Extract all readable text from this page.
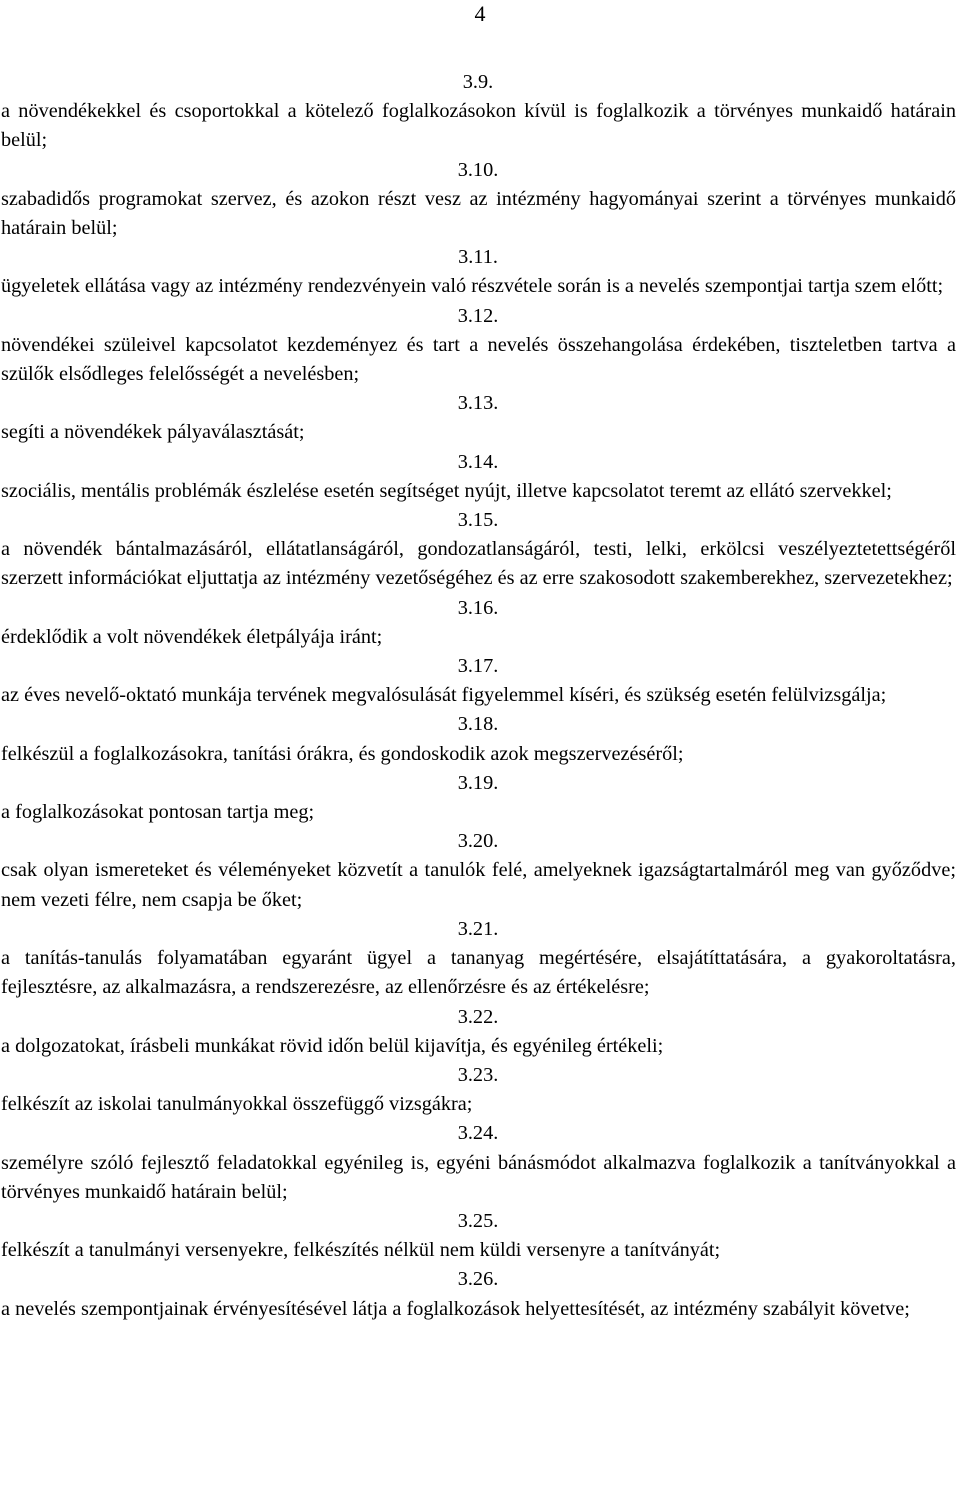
4

3.9.

a növendékekkel és csoportokkal a kötelező foglalkozásokon kívül is foglalkozik a törvényes munkaidő határain belül;

3.10.

szabadidős programokat szervez, és azokon részt vesz az intézmény hagyományai szerint a törvényes munkaidő határain belül;

3.11.

ügyeletek ellátása vagy az intézmény rendezvényein való részvétele során is a nevelés szempontjai tartja szem előtt;

3.12.

növendékei szüleivel kapcsolatot kezdeményez és tart a nevelés összehangolása érdekében, tiszteletben tartva a szülők elsődleges felelősségét a nevelésben;

3.13.

segíti a növendékek pályaválasztását;

3.14.

szociális, mentális problémák észlelése esetén segítséget nyújt, illetve kapcsolatot teremt az ellátó szervekkel;

3.15.

a növendék bántalmazásáról, ellátatlanságáról, gondozatlanságáról, testi, lelki, erkölcsi veszélyeztetettségéről szerzett információkat eljuttatja az intézmény vezetőségéhez és az erre szakosodott szakemberekhez, szervezetekhez;

3.16.

érdeklődik a volt növendékek életpályája iránt;

3.17.

az éves nevelő-oktató munkája tervének megvalósulását figyelemmel kíséri, és szükség esetén felülvizsgálja;

3.18.

felkészül a foglalkozásokra, tanítási órákra, és gondoskodik azok megszervezéséről;

3.19.

a foglalkozásokat pontosan tartja meg;

3.20.

csak olyan ismereteket és véleményeket közvetít a tanulók felé, amelyeknek igazságtartalmáról meg van győződve; nem vezeti félre, nem csapja be őket;

3.21.

a tanítás-tanulás folyamatában egyaránt ügyel a tananyag megértésére, elsajátíttatására, a gyakoroltatásra, fejlesztésre, az alkalmazásra, a rendszerezésre, az ellenőrzésre és az értékelésre;

3.22.

a dolgozatokat, írásbeli munkákat rövid időn belül kijavítja, és egyénileg értékeli;

3.23.

felkészít az iskolai tanulmányokkal összefüggő vizsgákra;

3.24.

személyre szóló fejlesztő feladatokkal egyénileg is, egyéni bánásmódot alkalmazva foglalkozik a tanítványokkal a törvényes munkaidő határain belül;

3.25.

felkészít a tanulmányi versenyekre, felkészítés nélkül nem küldi versenyre a tanítványát;

3.26.

a nevelés szempontjainak érvényesítésével látja a foglalkozások helyettesítését, az intézmény szabályit követve;
